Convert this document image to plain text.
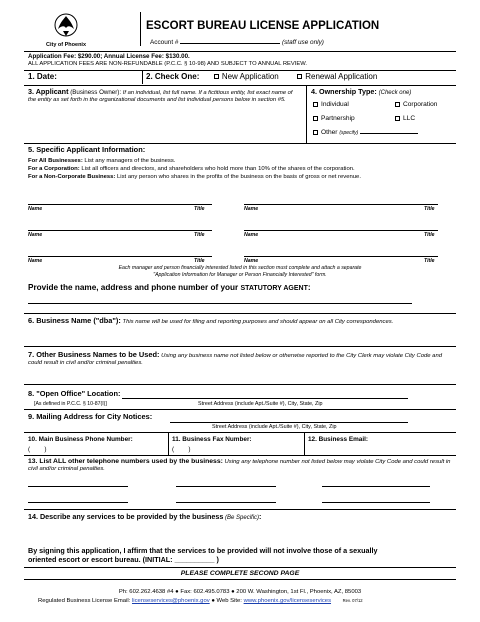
City of Phoenix
ESCORT BUREAU LICENSE APPLICATION
Account #	(staff use only)
Application Fee: $290.00; Annual License Fee: $130.00.
ALL APPLICATION FEES ARE NON-REFUNDABLE (P.C.C. § 10-98) AND SUBJECT TO ANNUAL REVIEW.
1. Date:	2. Check One:	New Application	Renewal Application
3. Applicant (Business Owner): If an individual, list full name. If a fictitious entity, list exact name of the entity as set forth in the organizational documents and list individual persons below in section #5.
4. Ownership Type: (Check one)
Individual	Corporation
Partnership	LLC
Other (specify)
5. Specific Applicant Information:
For All Businesses: List any managers of the business.
For a Corporation: List all officers and directors, and shareholders who hold more than 10% of the shares of the corporation.
For a Non-Corporate Business: List any person who shares in the profits of the business on the basis of gross or net revenue.
Name	Title	Name	Title
Name	Title	Name	Title
Name	Title	Name	Title
Each manager and person financially interested listed in this section must complete and attach a separate
"Application Information for Manager or Person Financially Interested" form.
Provide the name, address and phone number of your STATUTORY AGENT:
6. Business Name ("dba"): This name will be used for filing and reporting purposes and should appear on all City correspondences.
7. Other Business Names to be Used: Using any business name not listed below or otherwise reported to the City Clerk may violate City Code and could result in civil and/or criminal penalties.
8. "Open Office" Location:
[As defined in P.C.C. § 10-87(I)]	Street Address (include Apt./Suite #), City, State, Zip
9. Mailing Address for City Notices:
Street Address (include Apt./Suite #), City, State, Zip
10. Main Business Phone Number:
(        )
11. Business Fax Number:
(        )
12. Business Email:
13. List ALL other telephone numbers used by the business: Using any telephone number not listed below may violate City Code and could result in civil and/or criminal penalties.
14. Describe any services to be provided by the business (Be Specific):
By signing this application, I affirm that the services to be provided will not involve those of a sexually
oriented escort or escort bureau. (INITIAL: __________ )
PLEASE COMPLETE SECOND PAGE
Ph: 602.262.4638 #4 ● Fax: 602.495.0783 ● 200 W. Washington, 1st Fl., Phoenix, AZ, 85003
Regulated Business License Email: licenseservices@phoenix.gov ● Web Site: www.phoenix.gov/licenseservices	Rev. 07/12
